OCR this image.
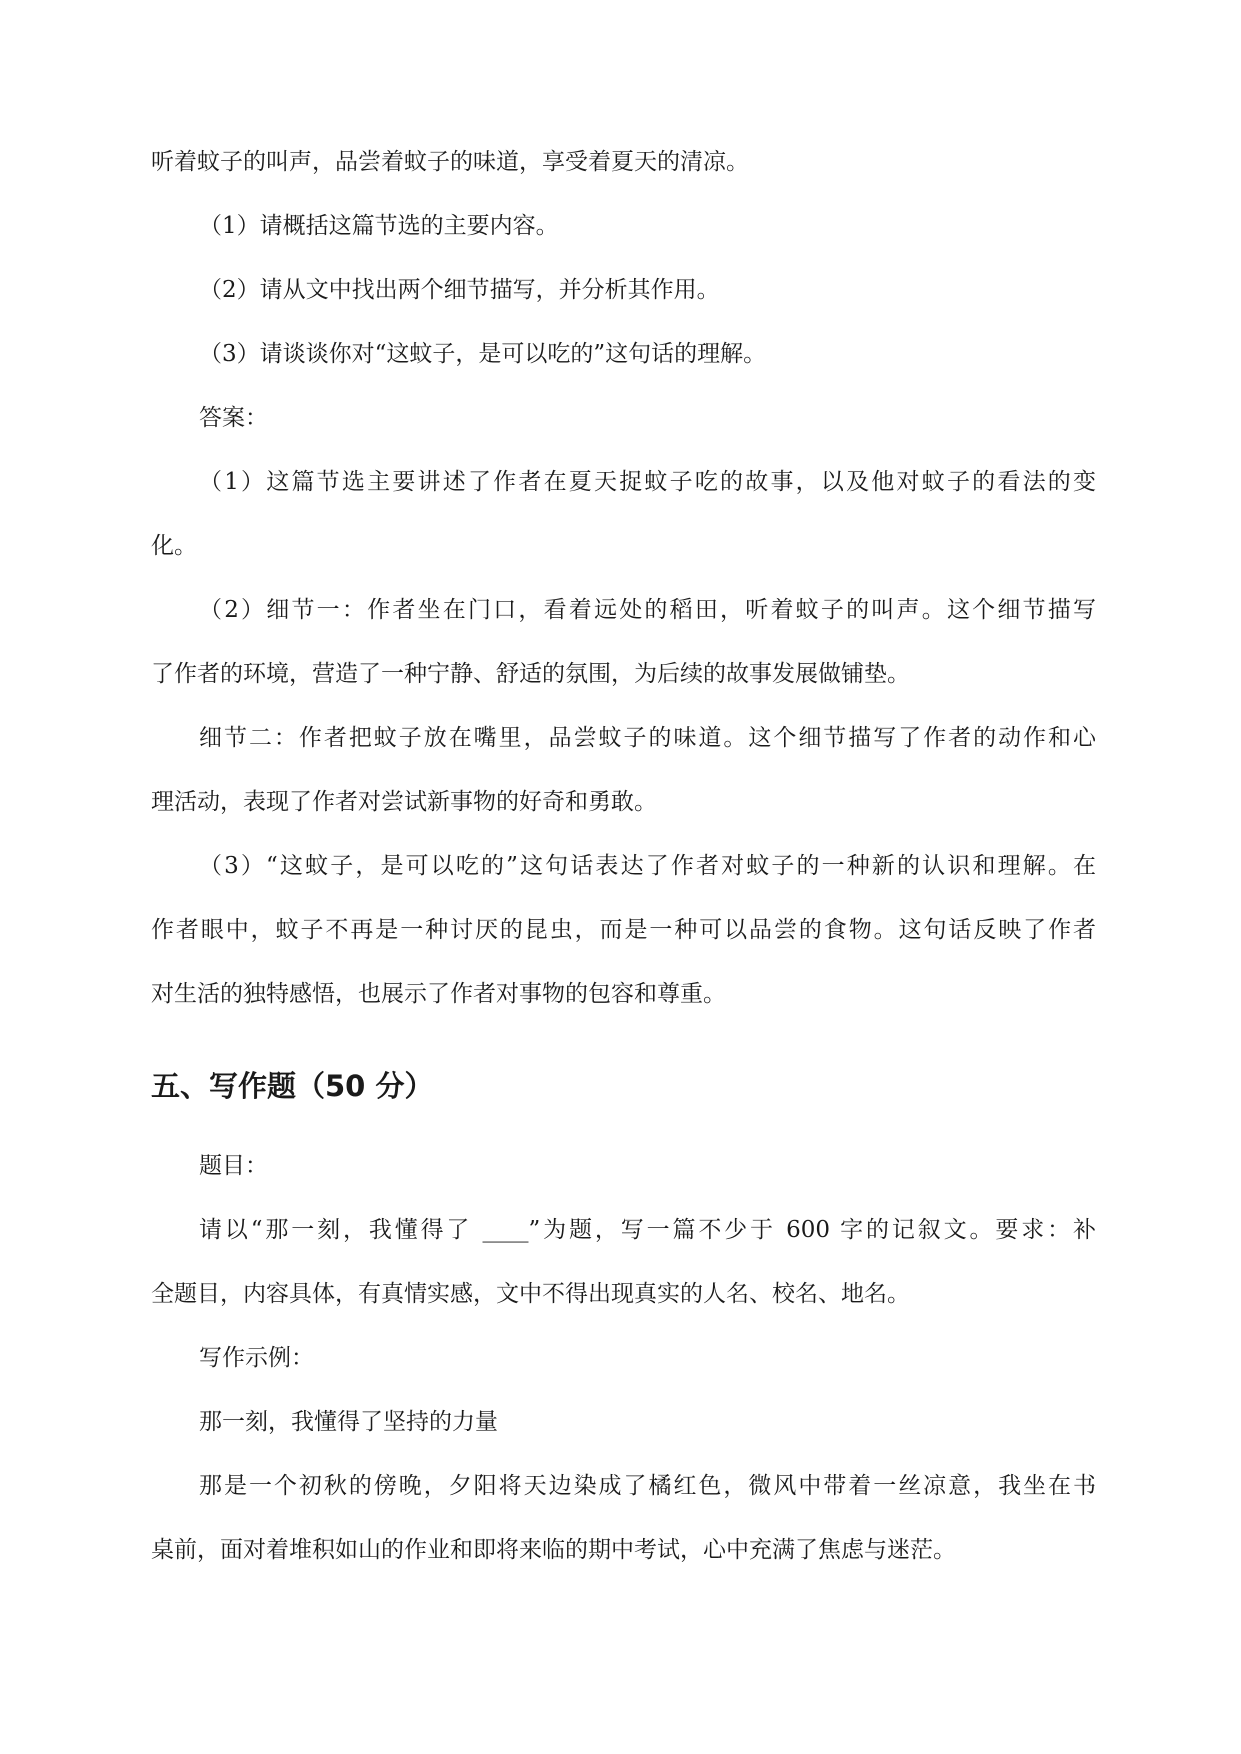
听着蚊子的叫声，品尝着蚊子的味道，享受着夏天的清凉。
（1）请概括这篇节选的主要内容。
（2）请从文中找出两个细节描写，并分析其作用。
（3）请谈谈你对“这蚊子，是可以吃的”这句话的理解。
答案：
（1）这篇节选主要讲述了作者在夏天捉蚊子吃的故事，以及他对蚊子的看法的变
化。
（2）细节一：作者坐在门口，看着远处的稻田，听着蚊子的叫声。这个细节描写
了作者的环境，营造了一种宁静、舒适的氛围，为后续的故事发展做铺垫。
细节二：作者把蚊子放在嘴里，品尝蚊子的味道。这个细节描写了作者的动作和心
理活动，表现了作者对尝试新事物的好奇和勇敢。
（3）“这蚊子，是可以吃的”这句话表达了作者对蚊子的一种新的认识和理解。在
作者眼中，蚊子不再是一种讨厌的昆虫，而是一种可以品尝的食物。这句话反映了作者
对生活的独特感悟，也展示了作者对事物的包容和尊重。
五、写作题（50 分）
题目：
请以“那一刻，我懂得了 ____”为题，写一篇不少于 600 字的记叙文。要求：补
全题目，内容具体，有真情实感，文中不得出现真实的人名、校名、地名。
写作示例：
那一刻，我懂得了坚持的力量
那是一个初秋的傍晚，夕阳将天边染成了橘红色，微风中带着一丝凉意，我坐在书
桌前，面对着堆积如山的作业和即将来临的期中考试，心中充满了焦虑与迷茫。
